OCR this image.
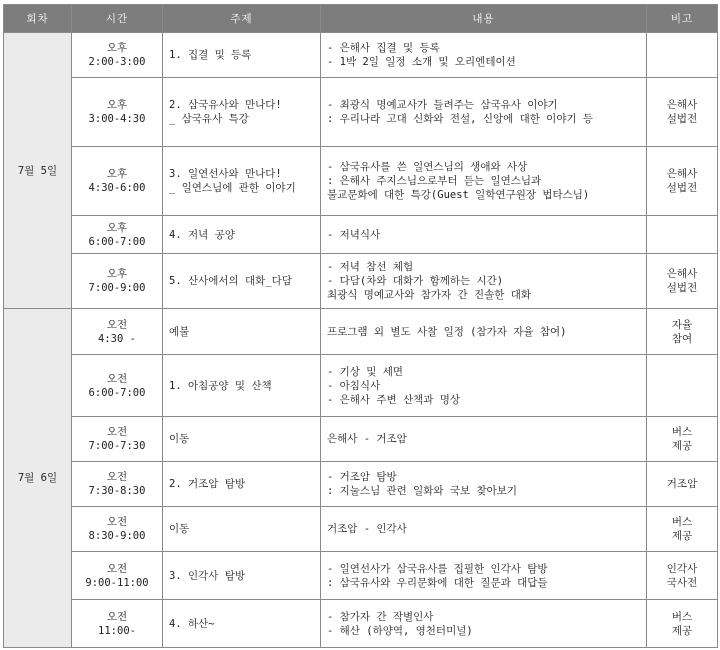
회차	시간	주제	내용	비고
7월 5일	오후
2:00-3:00	1. 집결 및 등록	- 은해사 집결 및 등록
- 1박 2일 일정 소개 및 오리엔테이션	

	오후
3:00-4:30	2. 삼국유사와 만나다!
_ 삼국유사 특강	- 최광식 명예교사가 들려주는 삼국유사 이야기
: 우리나라 고대 신화와 전설, 신앙에 대한 이야기 등	은해사
설법전

	오후
4:30-6:00	3. 일연선사와 만나다!
_ 일연스님에 관한 이야기	- 삼국유사를 쓴 일연스님의 생애와 사상
: 은해사 주지스님으로부터 듣는 일연스님과
불교문화에 대한 특강(Guest 일학연구원장 법타스님)	은해사
설법전

	오후
6:00-7:00	4. 저녁 공양	- 저녁식사	

	오후
7:00-9:00	5. 산사에서의 대화_다담	- 저녁 참선 체험
- 다담(차와 대화가 함께하는 시간)
최광식 명예교사와 참가자 간 진솔한 대화	은해사
설법전

7월 6일	오전
4:30 -	예불	프로그램 외 별도 사찰 일정 (참가자 자율 참여)	자율
참여

	오전
6:00-7:00	1. 아침공양 및 산책	- 기상 및 세면
- 아침식사
- 은해사 주변 산책과 명상	

	오전
7:00-7:30	이동	은해사 - 거조암	버스
제공

	오전
7:30-8:30	2. 거조암 탐방	- 거조암 탐방
: 지눌스님 관련 일화와 국보 찾아보기	거조암

	오전
8:30-9:00	이동	거조암 - 인각사	버스
제공

	오전
9:00-11:00	3. 인각사 탐방	- 일연선사가 삼국유사를 집필한 인각사 탐방
: 삼국유사와 우리문화에 대한 질문과 대답들	인각사
국사전

	오전
11:00-	4. 하산~	- 참가자 간 작별인사
- 해산 (하양역, 영천터미널)	버스
제공
